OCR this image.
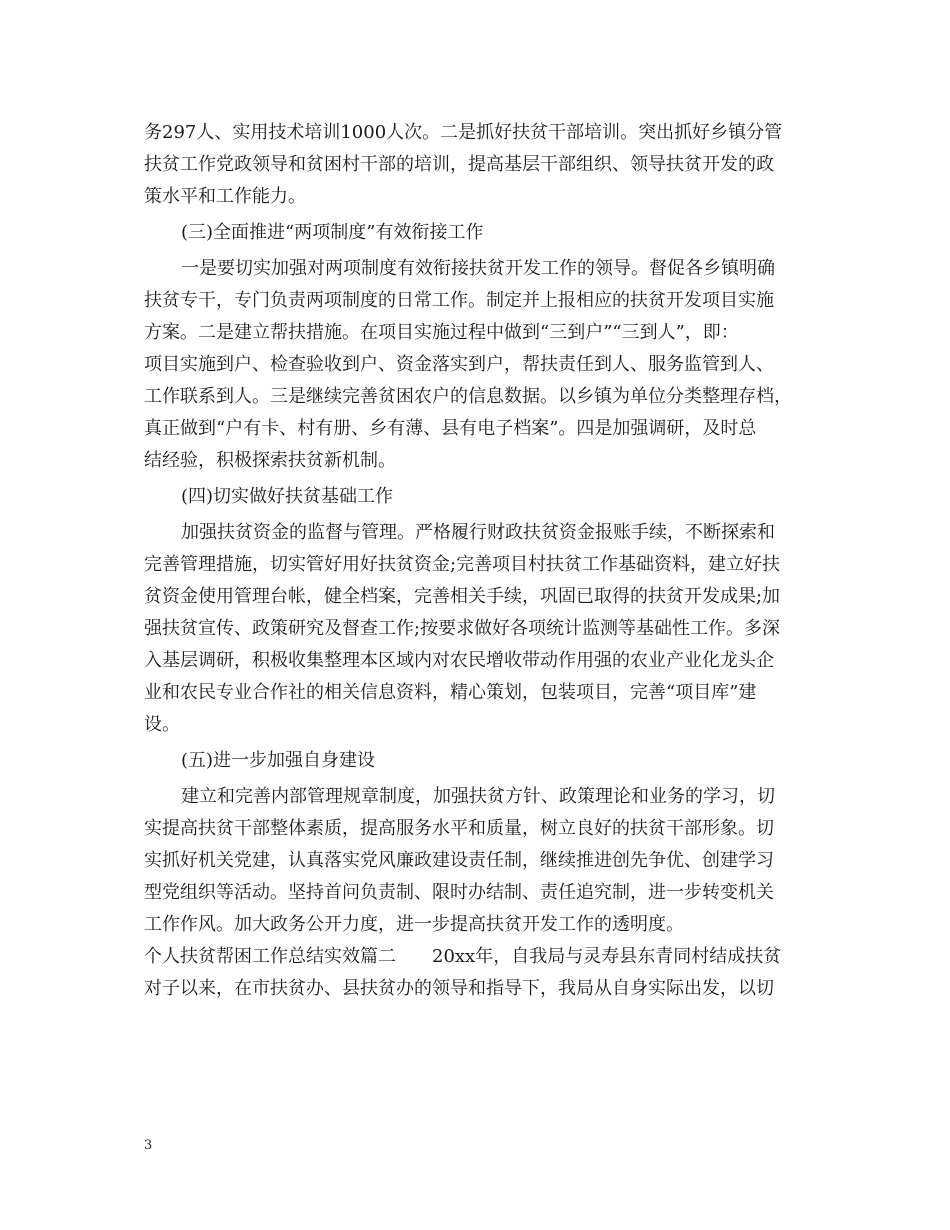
务297人、实用技术培训1000人次。二是抓好扶贫干部培训。突出抓好乡镇分管
扶贫工作党政领导和贫困村干部的培训，提高基层干部组织、领导扶贫开发的政
策水平和工作能力。
(三)全面推进“两项制度”有效衔接工作
一是要切实加强对两项制度有效衔接扶贫开发工作的领导。督促各乡镇明确
扶贫专干，专门负责两项制度的日常工作。制定并上报相应的扶贫开发项目实施
方案。二是建立帮扶措施。在项目实施过程中做到“三到户”“三到人”，即：
项目实施到户、检查验收到户、资金落实到户，帮扶责任到人、服务监管到人、
工作联系到人。三是继续完善贫困农户的信息数据。以乡镇为单位分类整理存档，
真正做到“户有卡、村有册、乡有薄、县有电子档案”。四是加强调研，及时总
结经验，积极探索扶贫新机制。
(四)切实做好扶贫基础工作
加强扶贫资金的监督与管理。严格履行财政扶贫资金报账手续，不断探索和
完善管理措施，切实管好用好扶贫资金;完善项目村扶贫工作基础资料，建立好扶
贫资金使用管理台帐，健全档案，完善相关手续，巩固已取得的扶贫开发成果;加
强扶贫宣传、政策研究及督查工作;按要求做好各项统计监测等基础性工作。多深
入基层调研，积极收集整理本区域内对农民增收带动作用强的农业产业化龙头企
业和农民专业合作社的相关信息资料，精心策划，包装项目，完善“项目库”建
设。
(五)进一步加强自身建设
建立和完善内部管理规章制度，加强扶贫方针、政策理论和业务的学习，切
实提高扶贫干部整体素质，提高服务水平和质量，树立良好的扶贫干部形象。切
实抓好机关党建，认真落实党风廉政建设责任制，继续推进创先争优、创建学习
型党组织等活动。坚持首问负责制、限时办结制、责任追究制，进一步转变机关
工作作风。加大政务公开力度，进一步提高扶贫开发工作的透明度。
个人扶贫帮困工作总结实效篇二 20xx年，自我局与灵寿县东青同村结成扶贫
对子以来，在市扶贫办、县扶贫办的领导和指导下，我局从自身实际出发，以切
3
